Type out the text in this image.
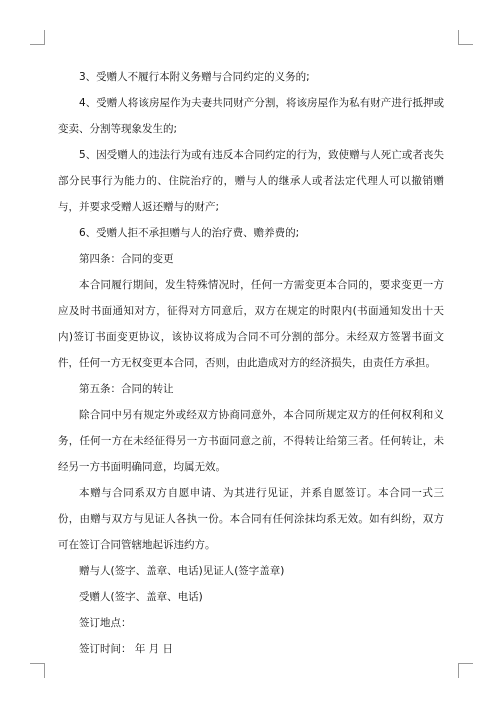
3、受赠人不履行本附义务赠与合同约定的义务的;

4、受赠人将该房屋作为夫妻共同财产分割，将该房屋作为私有财产进行抵押或变卖、分割等现象发生的;

5、因受赠人的违法行为或有违反本合同约定的行为，致使赠与人死亡或者丧失部分民事行为能力的、住院治疗的，赠与人的继承人或者法定代理人可以撤销赠与，并要求受赠人返还赠与的财产;

6、受赠人拒不承担赠与人的治疗费、赡养费的;

第四条：合同的变更

本合同履行期间，发生特殊情况时，任何一方需变更本合同的，要求变更一方应及时书面通知对方，征得对方同意后，双方在规定的时限内(书面通知发出十天内)签订书面变更协议，该协议将成为合同不可分割的部分。未经双方签署书面文件，任何一方无权变更本合同，否则，由此造成对方的经济损失，由责任方承担。

第五条：合同的转让

除合同中另有规定外或经双方协商同意外，本合同所规定双方的任何权利和义务，任何一方在未经征得另一方书面同意之前，不得转让给第三者。任何转让，未经另一方书面明确同意，均属无效。

本赠与合同系双方自愿申请、为其进行见证，并系自愿签订。本合同一式三份，由赠与双方与见证人各执一份。本合同有任何涂抹均系无效。如有纠纷，双方可在签订合同管辖地起诉违约方。

赠与人(签字、盖章、电话)见证人(签字盖章)

受赠人(签字、盖章、电话)

签订地点：

签订时间： 年 月 日
